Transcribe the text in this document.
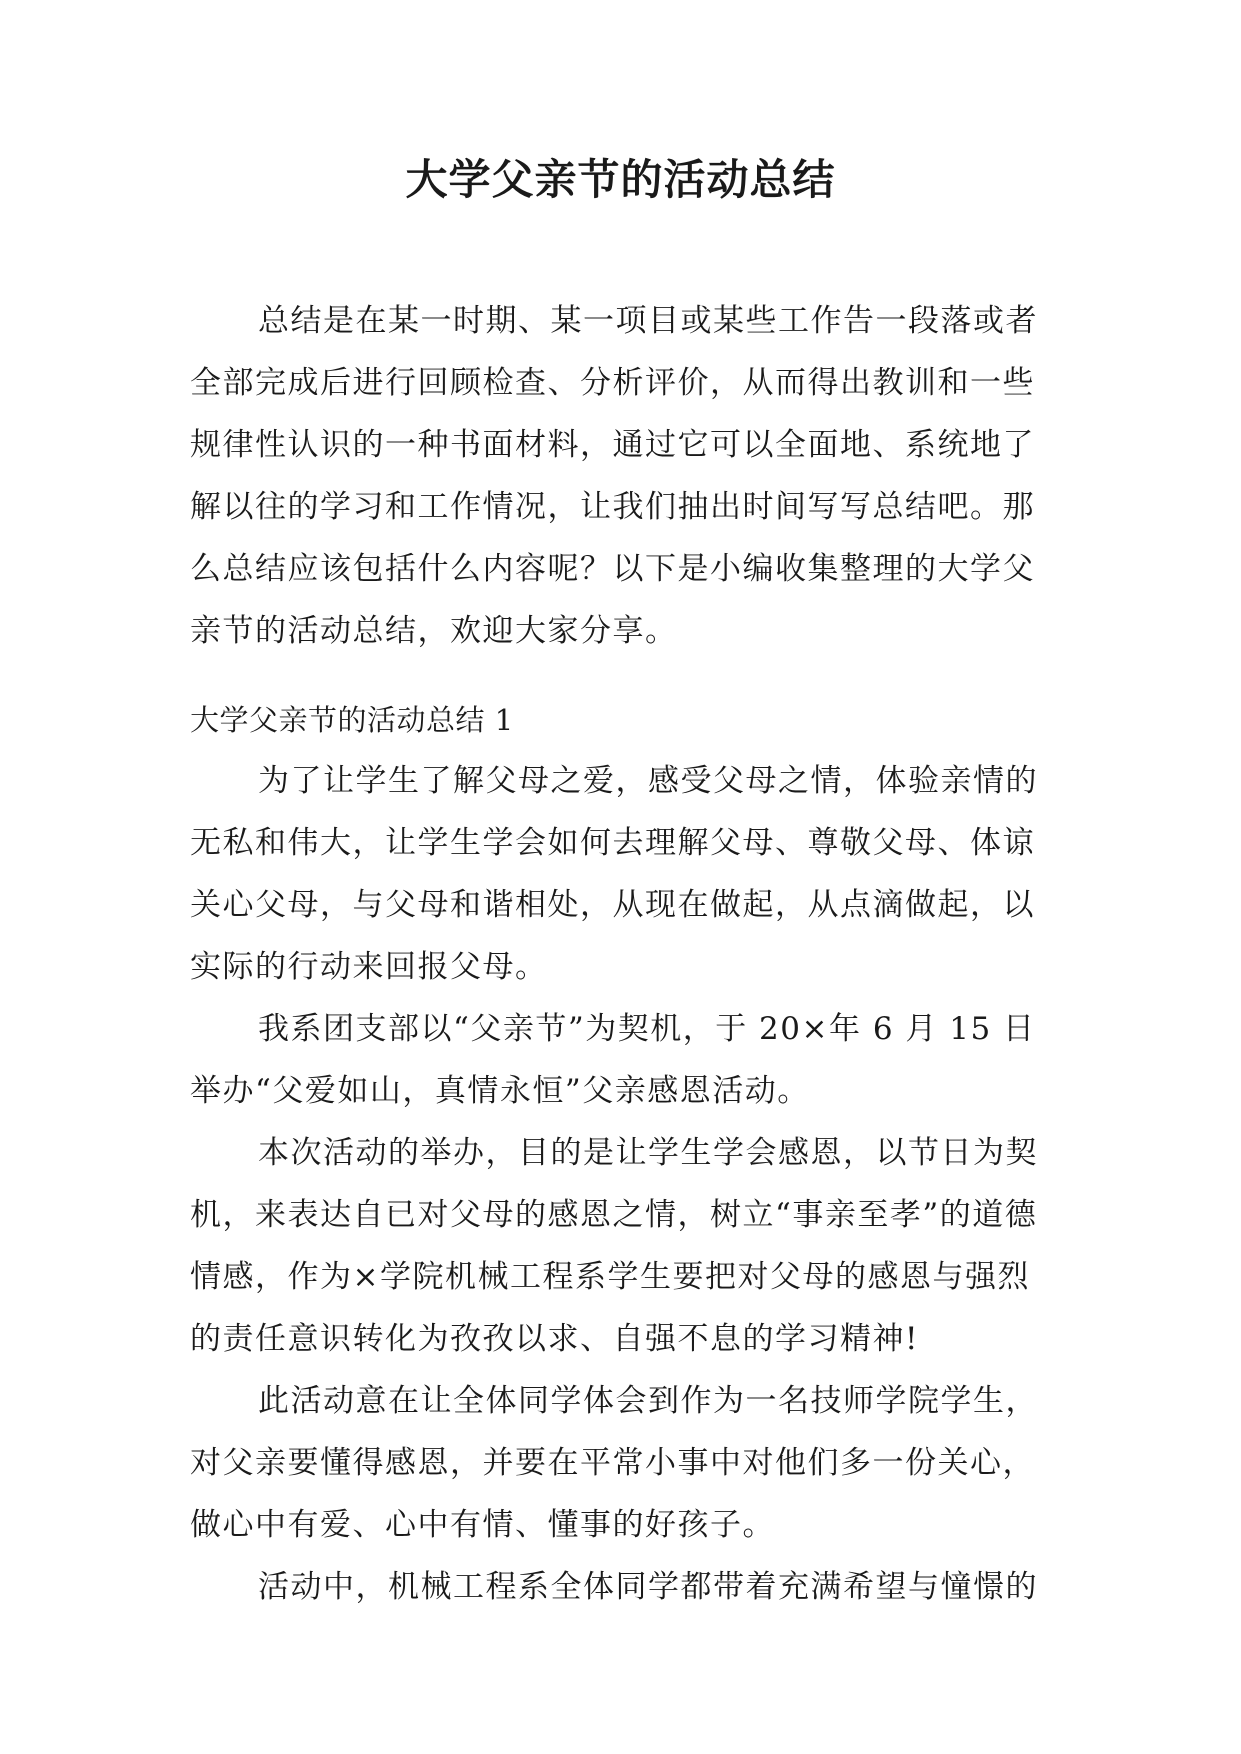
大学父亲节的活动总结

总结是在某一时期、某一项目或某些工作告一段落或者全部完成后进行回顾检查、分析评价，从而得出教训和一些规律性认识的一种书面材料，通过它可以全面地、系统地了解以往的学习和工作情况，让我们抽出时间写写总结吧。那么总结应该包括什么内容呢？以下是小编收集整理的大学父亲节的活动总结，欢迎大家分享。

大学父亲节的活动总结 1

为了让学生了解父母之爱，感受父母之情，体验亲情的无私和伟大，让学生学会如何去理解父母、尊敬父母、体谅关心父母，与父母和谐相处，从现在做起，从点滴做起，以实际的行动来回报父母。

我系团支部以“父亲节”为契机，于 20×年 6 月 15 日举办“父爱如山，真情永恒”父亲感恩活动。

本次活动的举办，目的是让学生学会感恩，以节日为契机，来表达自已对父母的感恩之情，树立“事亲至孝”的道德情感，作为×学院机械工程系学生要把对父母的感恩与强烈的责任意识转化为孜孜以求、自强不息的学习精神!

此活动意在让全体同学体会到作为一名技师学院学生，对父亲要懂得感恩，并要在平常小事中对他们多一份关心，做心中有爱、心中有情、懂事的好孩子。

活动中，机械工程系全体同学都带着充满希望与憧憬的
